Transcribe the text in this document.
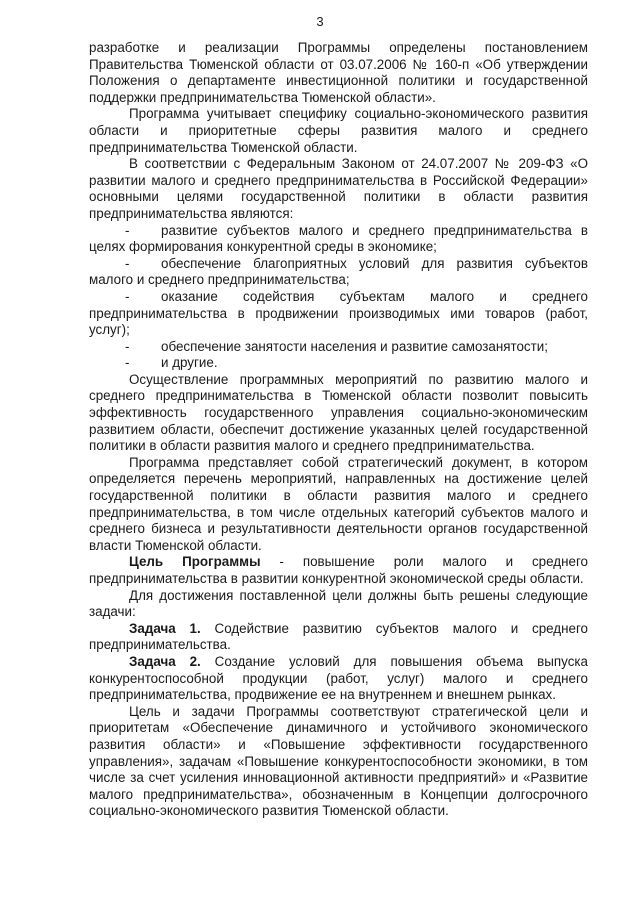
3

разработке и реализации Программы определены постановлением Правительства Тюменской области от 03.07.2006 № 160-п «Об утверждении Положения о департаменте инвестиционной политики и государственной поддержки предпринимательства Тюменской области».

Программа учитывает специфику социально-экономического развития области и приоритетные сферы развития малого и среднего предпринимательства Тюменской области.

В соответствии с Федеральным Законом от 24.07.2007 № 209-ФЗ «О развитии малого и среднего предпринимательства в Российской Федерации» основными целями государственной политики в области развития предпринимательства являются:

- развитие субъектов малого и среднего предпринимательства в целях формирования конкурентной среды в экономике;

- обеспечение благоприятных условий для развития субъектов малого и среднего предпринимательства;

- оказание содействия субъектам малого и среднего предпринимательства в продвижении производимых ими товаров (работ, услуг);

- обеспечение занятости населения и развитие самозанятости;

- и другие.

Осуществление программных мероприятий по развитию малого и среднего предпринимательства в Тюменской области позволит повысить эффективность государственного управления социально-экономическим развитием области, обеспечит достижение указанных целей государственной политики в области развития малого и среднего предпринимательства.

Программа представляет собой стратегический документ, в котором определяется перечень мероприятий, направленных на достижение целей государственной политики в области развития малого и среднего предпринимательства, в том числе отдельных категорий субъектов малого и среднего бизнеса и результативности деятельности органов государственной власти Тюменской области.

Цель Программы - повышение роли малого и среднего предпринимательства в развитии конкурентной экономической среды области.

Для достижения поставленной цели должны быть решены следующие задачи:

Задача 1. Содействие развитию субъектов малого и среднего предпринимательства.

Задача 2. Создание условий для повышения объема выпуска конкурентоспособной продукции (работ, услуг) малого и среднего предпринимательства, продвижение ее на внутреннем и внешнем рынках.

Цель и задачи Программы соответствуют стратегической цели и приоритетам «Обеспечение динамичного и устойчивого экономического развития области» и «Повышение эффективности государственного управления», задачам «Повышение конкурентоспособности экономики, в том числе за счет усиления инновационной активности предприятий» и «Развитие малого предпринимательства», обозначенным в Концепции долгосрочного социально-экономического развития Тюменской области.
